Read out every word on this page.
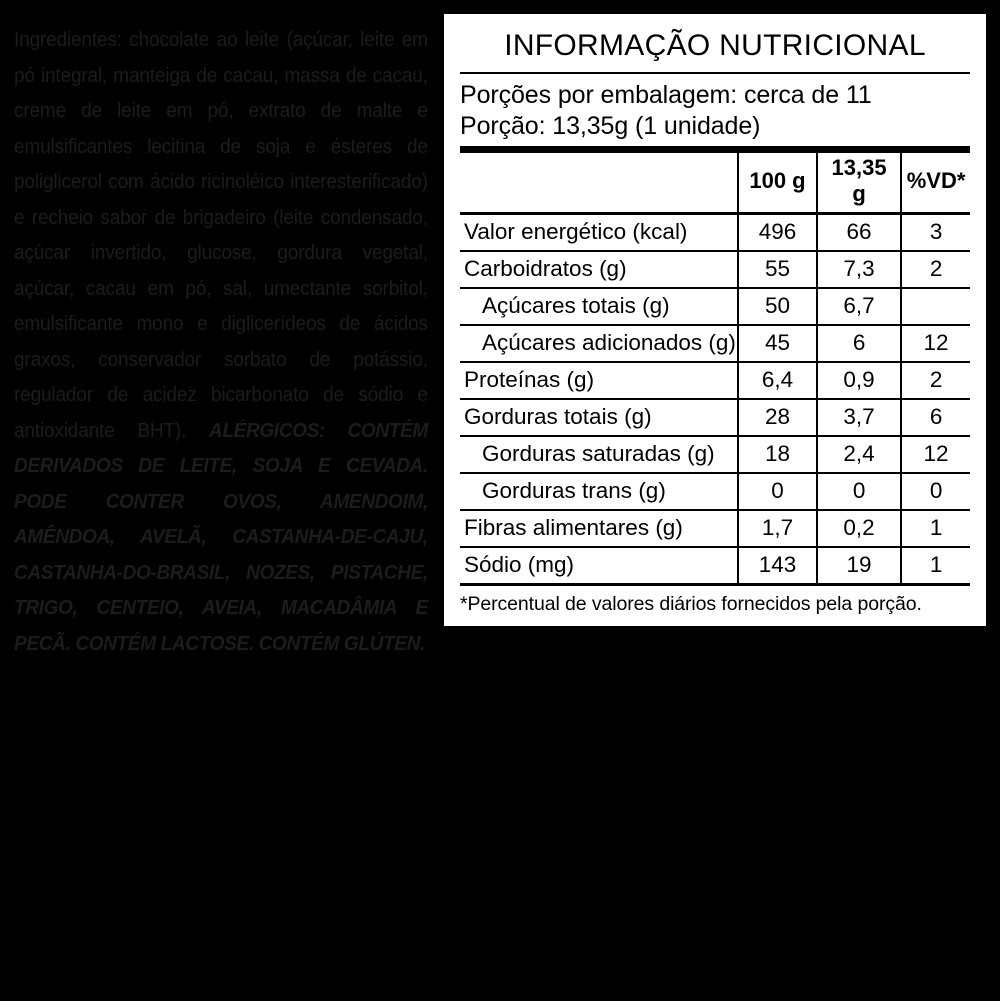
Ingredientes: chocolate ao leite (açúcar, leite em pó integral, manteiga de cacau, massa de cacau, creme de leite em pó, extrato de malte e emulsificantes lecitina de soja e ésteres de poliglicerol com ácido ricinoléico interesterificado) e recheio sabor de brigadeiro (leite condensado, açúcar invertido, glucose, gordura vegetal, açúcar, cacau em pó, sal, umectante sorbitol, emulsificante mono e diglicerídeos de ácidos graxos, conservador sorbato de potássio, regulador de acidez bicarbonato de sódio e antioxidante BHT). ALÉRGICOS: CONTÉM DERIVADOS DE LEITE, SOJA E CEVADA. PODE CONTER OVOS, AMENDOIM, AMÊNDOA, AVELÃ, CASTANHA-DE-CAJU, CASTANHA-DO-BRASIL, NOZES, PISTACHE, TRIGO, CENTEIO, AVEIA, MACADÂMIA E PECÃ. CONTÉM LACTOSE. CONTÉM GLÚTEN.
INFORMAÇÃO NUTRICIONAL
Porções por embalagem: cerca de 11
Porção: 13,35g (1 unidade)
	100 g	13,35 g	%VD*
Valor energético (kcal)	496	66	3
Carboidratos (g)	55	7,3	2
Açúcares totais (g)	50	6,7	
Açúcares adicionados (g)	45	6	12
Proteínas (g)	6,4	0,9	2
Gorduras totais (g)	28	3,7	6
Gorduras saturadas (g)	18	2,4	12
Gorduras trans (g)	0	0	0
Fibras alimentares (g)	1,7	0,2	1
Sódio (mg)	143	19	1
*Percentual de valores diários fornecidos pela porção.
